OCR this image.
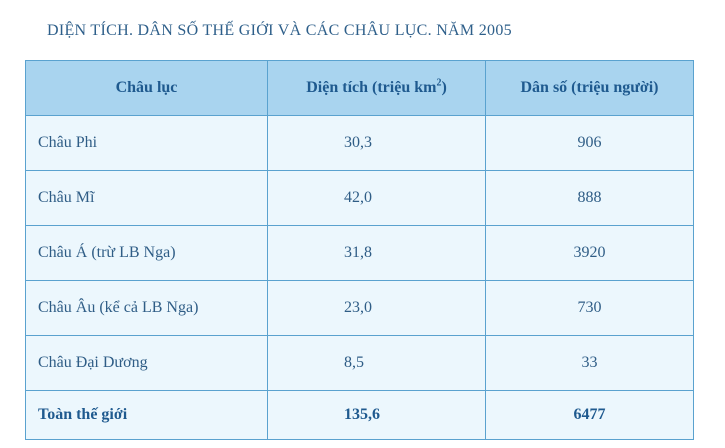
DIỆN TÍCH. DÂN SỐ THẾ GIỚI VÀ CÁC CHÂU LỤC. NĂM 2005
Châu lục	Diện tích (triệu $km^2$)	Dân số (triệu người)
Châu Phi	30,3	906
Châu Mĩ	42,0	888
Châu Á (trừ LB Nga)	31,8	3920
Châu Âu (kể cả LB Nga)	23,0	730
Châu Đại Dương	8,5	33
Toàn thế giới	135,6	6477
